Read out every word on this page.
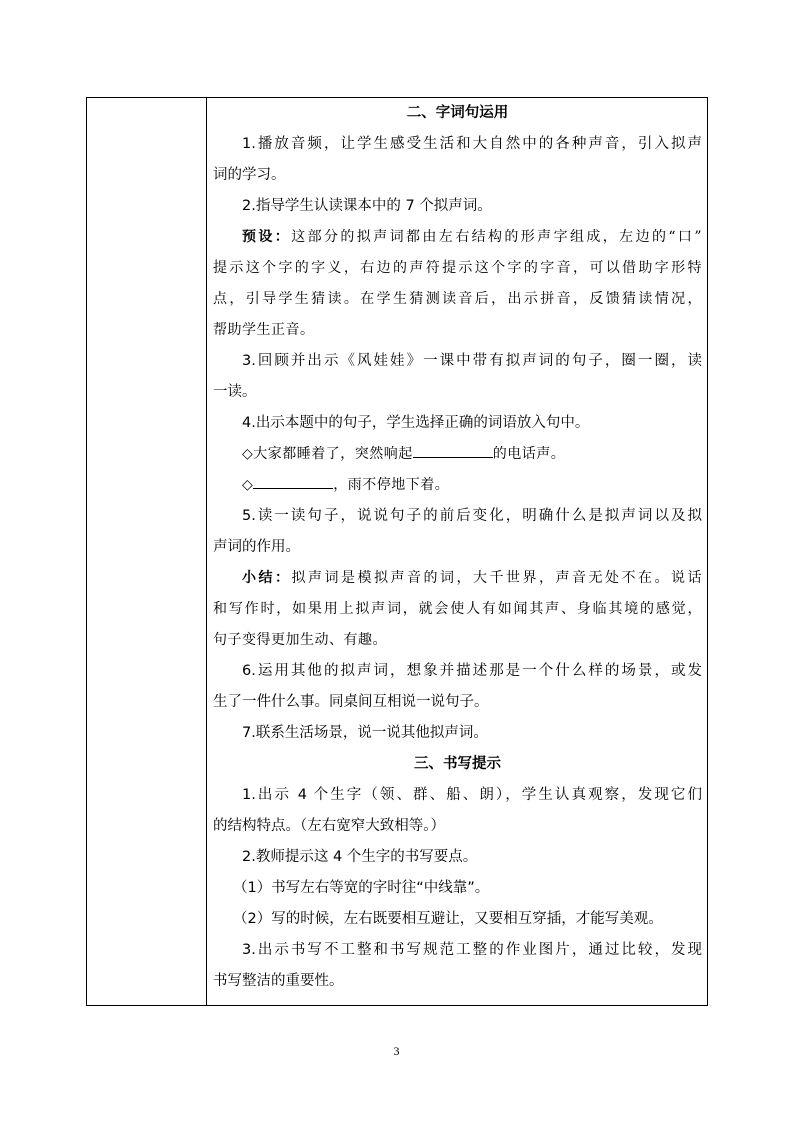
二、字词句运用
1.播放音频，让学生感受生活和大自然中的各种声音，引入拟声
词的学习。
2.指导学生认读课本中的 7 个拟声词。
预设：这部分的拟声词都由左右结构的形声字组成，左边的“口”
提示这个字的字义，右边的声符提示这个字的字音，可以借助字形特
点，引导学生猜读。在学生猜测读音后，出示拼音，反馈猜读情况，
帮助学生正音。
3.回顾并出示《风娃娃》一课中带有拟声词的句子，圈一圈，读
一读。
4.出示本题中的句子，学生选择正确的词语放入句中。
◇大家都睡着了，突然响起	的电话声。
◇	，雨不停地下着。
5.读一读句子，说说句子的前后变化，明确什么是拟声词以及拟
声词的作用。
小结：拟声词是模拟声音的词，大千世界，声音无处不在。说话
和写作时，如果用上拟声词，就会使人有如闻其声、身临其境的感觉，
句子变得更加生动、有趣。
6.运用其他的拟声词，想象并描述那是一个什么样的场景，或发
生了一件什么事。同桌间互相说一说句子。
7.联系生活场景，说一说其他拟声词。
三、书写提示
1.出示 4 个生字（领、群、船、朗），学生认真观察，发现它们
的结构特点。（左右宽窄大致相等。）
2.教师提示这 4 个生字的书写要点。
（1）书写左右等宽的字时往“中线靠”。
（2）写的时候，左右既要相互避让，又要相互穿插，才能写美观。
3.出示书写不工整和书写规范工整的作业图片，通过比较，发现
书写整洁的重要性。
3
